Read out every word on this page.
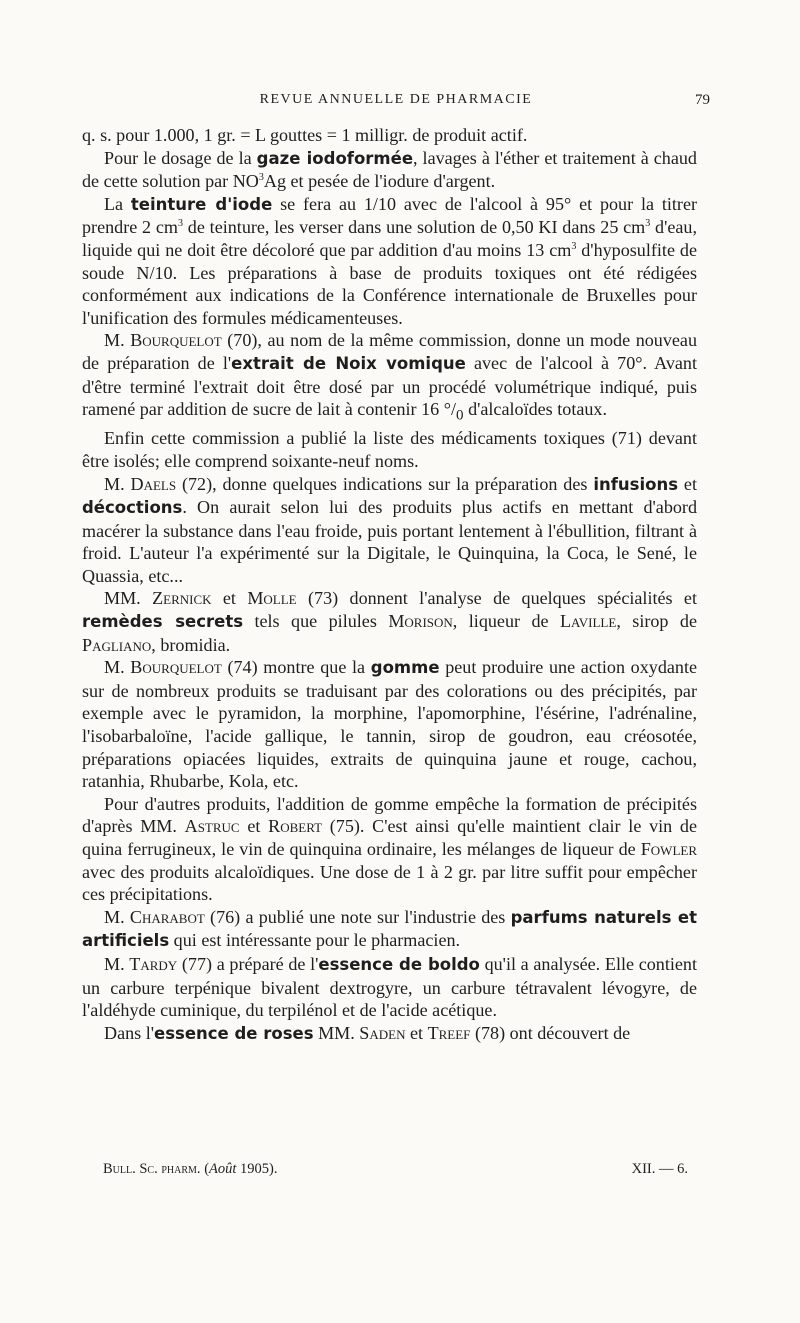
REVUE ANNUELLE DE PHARMACIE	79

q. s. pour 1.000, 1 gr. = L gouttes = 1 milligr. de produit actif.

Pour le dosage de la gaze iodoformée, lavages à l'éther et traitement à chaud de cette solution par $NO^3Ag$ et pesée de l'iodure d'argent.

La teinture d'iode se fera au 1/10 avec de l'alcool à 95° et pour la titrer prendre 2 $cm^3$ de teinture, les verser dans une solution de 0,50 KI dans 25 $cm^3$ d'eau, liquide qui ne doit être décoloré que par addition d'au moins 13 $cm^3$ d'hyposulfite de soude N/10. Les préparations à base de produits toxiques ont été rédigées conformément aux indications de la Conférence internationale de Bruxelles pour l'unification des formules médicamenteuses.

M. Bourquelot (70), au nom de la même commission, donne un mode nouveau de préparation de l'extrait de Noix vomique avec de l'alcool à 70°. Avant d'être terminé l'extrait doit être dosé par un procédé volumétrique indiqué, puis ramené par addition de sucre de lait à contenir 16 $^\circ/_0$ d'alcaloïdes totaux.

Enfin cette commission a publié la liste des médicaments toxiques (71) devant être isolés; elle comprend soixante-neuf noms.

M. Daels (72), donne quelques indications sur la préparation des infusions et décoctions. On aurait selon lui des produits plus actifs en mettant d'abord macérer la substance dans l'eau froide, puis portant lentement à l'ébullition, filtrant à froid. L'auteur l'a expérimenté sur la Digitale, le Quinquina, la Coca, le Sené, le Quassia, etc...

MM. Zernick et Molle (73) donnent l'analyse de quelques spécialités et remèdes secrets tels que pilules Morison, liqueur de Laville, sirop de Pagliano, bromidia.

M. Bourquelot (74) montre que la gomme peut produire une action oxydante sur de nombreux produits se traduisant par des colorations ou des précipités, par exemple avec le pyramidon, la morphine, l'apomorphine, l'ésérine, l'adrénaline, l'isobarbaloïne, l'acide gallique, le tannin, sirop de goudron, eau créosotée, préparations opiacées liquides, extraits de quinquina jaune et rouge, cachou, ratanhia, Rhubarbe, Kola, etc.

Pour d'autres produits, l'addition de gomme empêche la formation de précipités d'après MM. Astruc et Robert (75). C'est ainsi qu'elle maintient clair le vin de quina ferrugineux, le vin de quinquina ordinaire, les mélanges de liqueur de Fowler avec des produits alcaloïdiques. Une dose de 1 à 2 gr. par litre suffit pour empêcher ces précipitations.

M. Charabot (76) a publié une note sur l'industrie des parfums naturels et artificiels qui est intéressante pour le pharmacien.

M. Tardy (77) a préparé de l'essence de boldo qu'il a analysée. Elle contient un carbure terpénique bivalent dextrogyre, un carbure tétravalent lévogyre, de l'aldéhyde cuminique, du terpilénol et de l'acide acétique.

Dans l'essence de roses MM. Saden et Treef (78) ont découvert de

Bull. Sc. pharm. (Août 1905).	XII. — 6.
